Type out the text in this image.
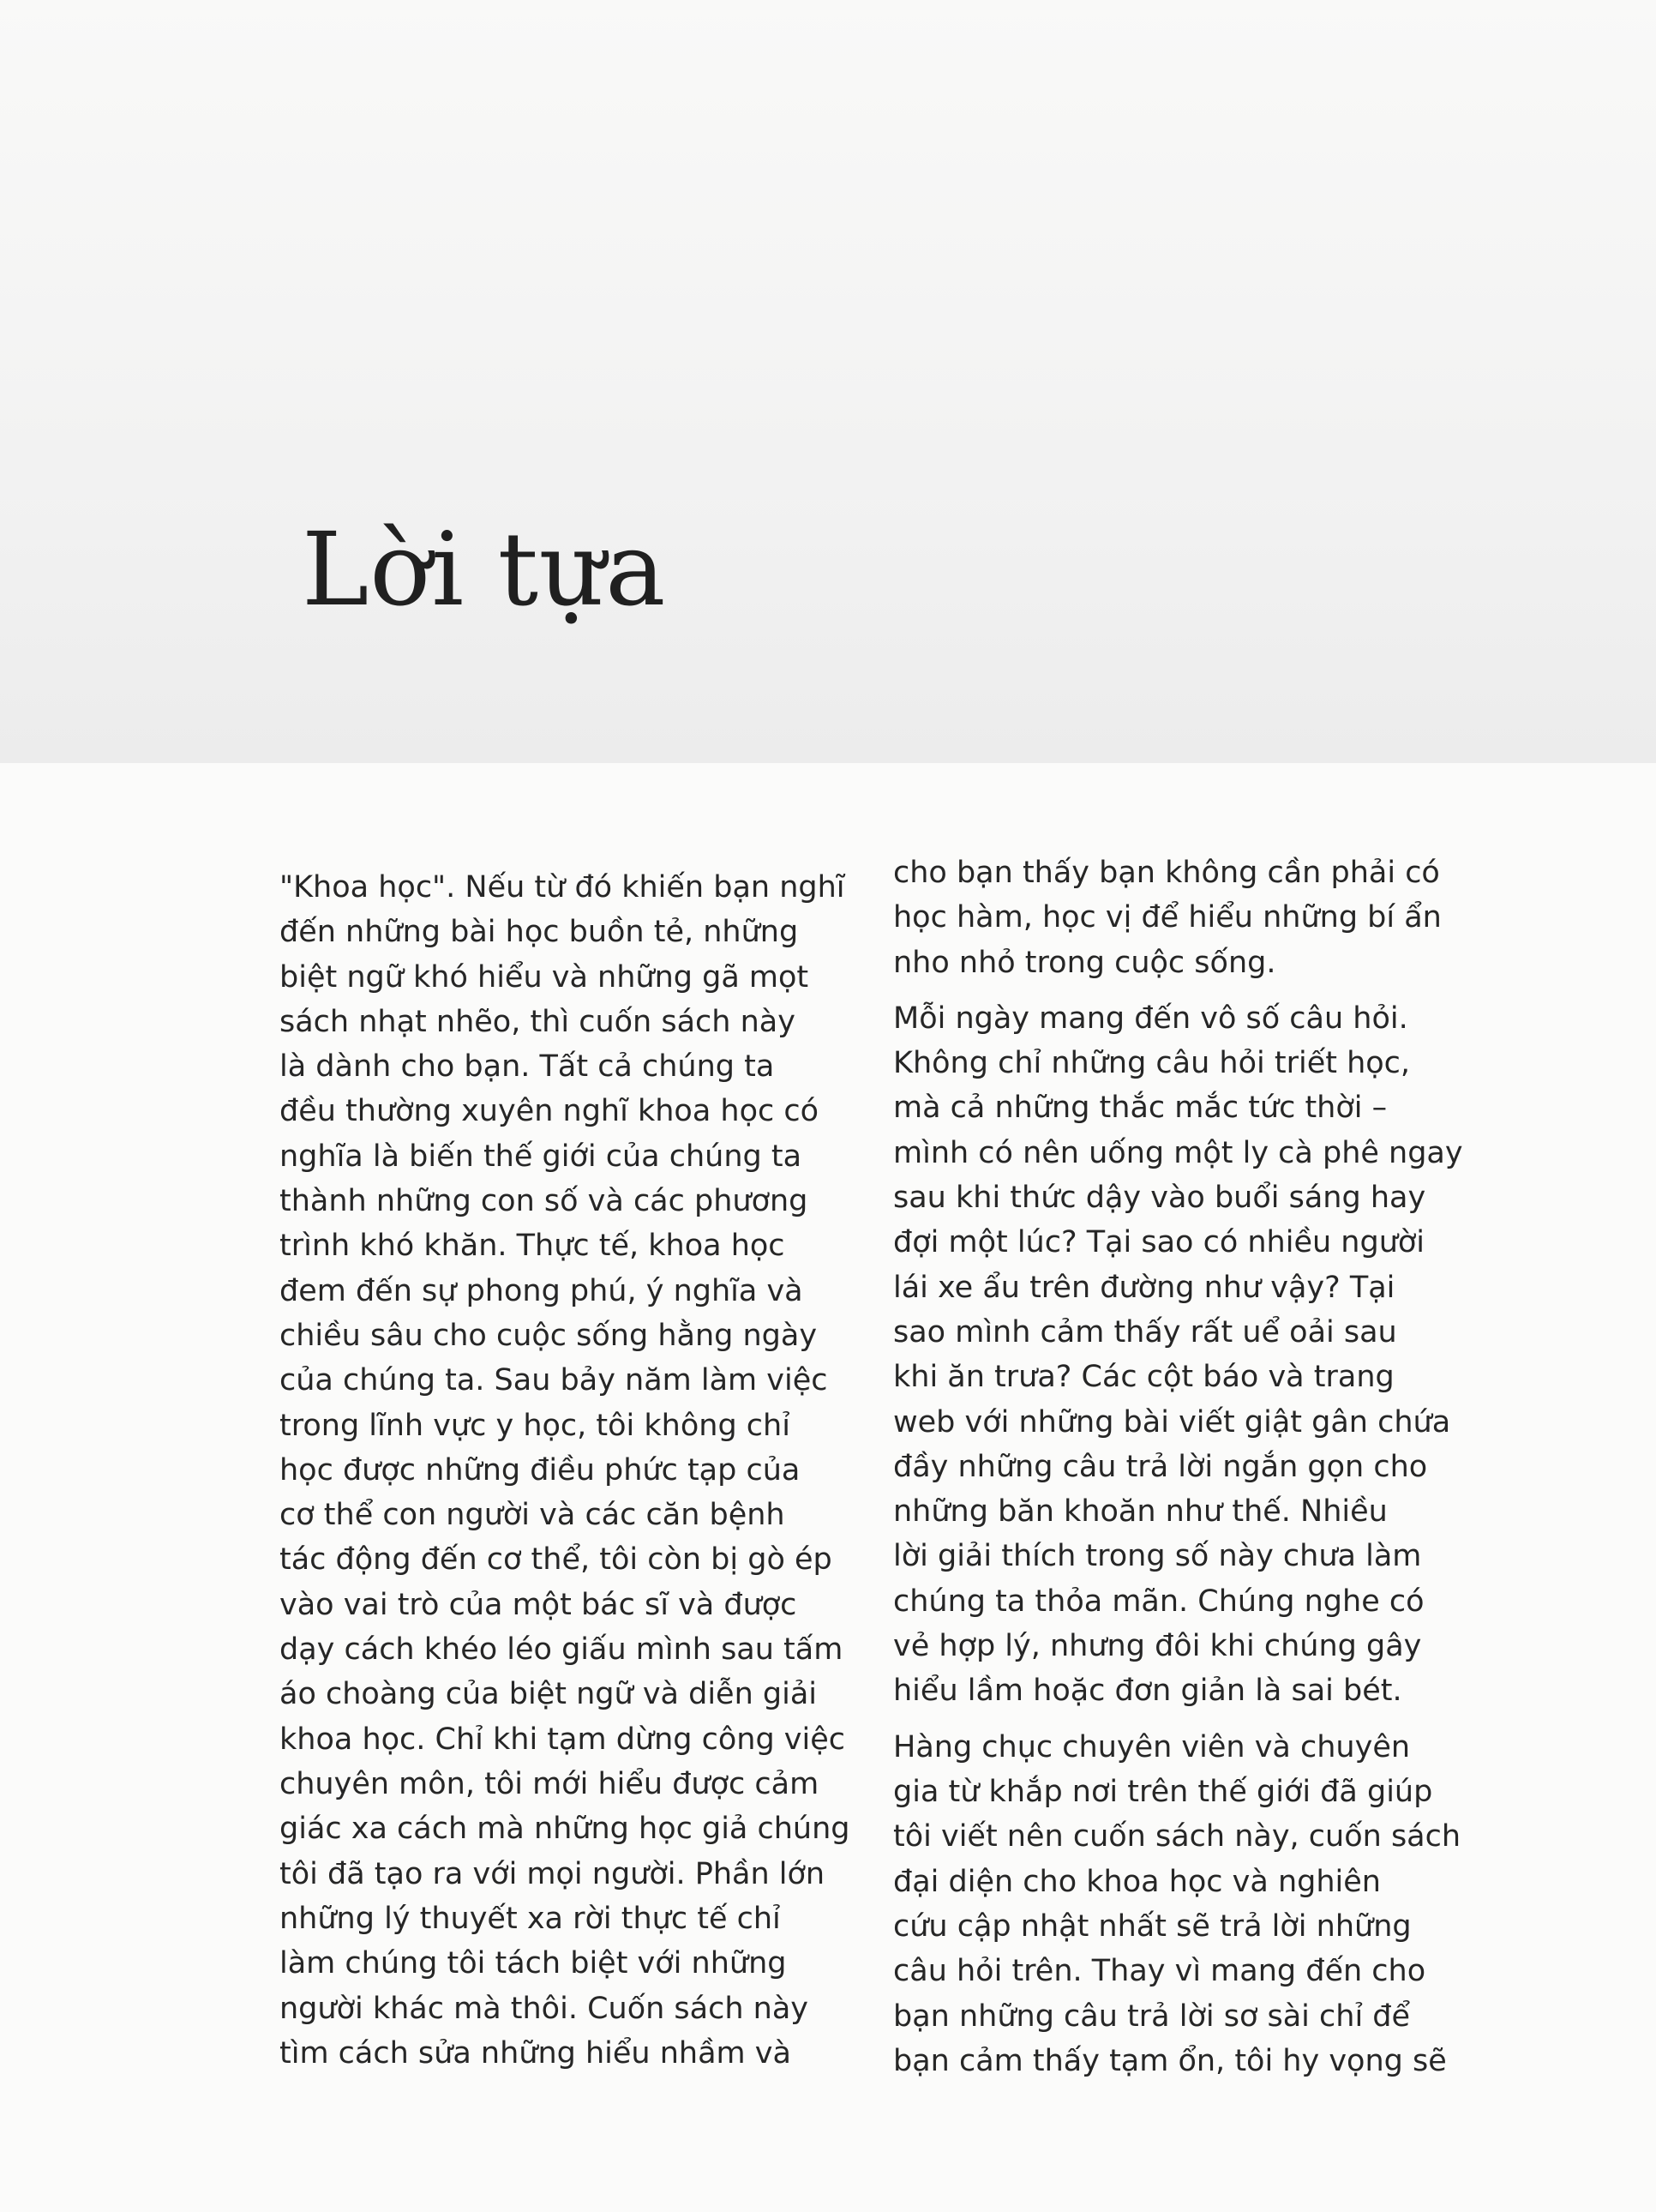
Lời tựa
"Khoa học". Nếu từ đó khiến bạn nghĩ
đến những bài học buồn tẻ, những
biệt ngữ khó hiểu và những gã mọt
sách nhạt nhẽo, thì cuốn sách này
là dành cho bạn. Tất cả chúng ta
đều thường xuyên nghĩ khoa học có
nghĩa là biến thế giới của chúng ta
thành những con số và các phương
trình khó khăn. Thực tế, khoa học
đem đến sự phong phú, ý nghĩa và
chiều sâu cho cuộc sống hằng ngày
của chúng ta. Sau bảy năm làm việc
trong lĩnh vực y học, tôi không chỉ
học được những điều phức tạp của
cơ thể con người và các căn bệnh
tác động đến cơ thể, tôi còn bị gò ép
vào vai trò của một bác sĩ và được
dạy cách khéo léo giấu mình sau tấm
áo choàng của biệt ngữ và diễn giải
khoa học. Chỉ khi tạm dừng công việc
chuyên môn, tôi mới hiểu được cảm
giác xa cách mà những học giả chúng
tôi đã tạo ra với mọi người. Phần lớn
những lý thuyết xa rời thực tế chỉ
làm chúng tôi tách biệt với những
người khác mà thôi. Cuốn sách này
tìm cách sửa những hiểu nhầm và
cho bạn thấy bạn không cần phải có
học hàm, học vị để hiểu những bí ẩn
nho nhỏ trong cuộc sống.
Mỗi ngày mang đến vô số câu hỏi.
Không chỉ những câu hỏi triết học,
mà cả những thắc mắc tức thời –
mình có nên uống một ly cà phê ngay
sau khi thức dậy vào buổi sáng hay
đợi một lúc? Tại sao có nhiều người
lái xe ẩu trên đường như vậy? Tại
sao mình cảm thấy rất uể oải sau
khi ăn trưa? Các cột báo và trang
web với những bài viết giật gân chứa
đầy những câu trả lời ngắn gọn cho
những băn khoăn như thế. Nhiều
lời giải thích trong số này chưa làm
chúng ta thỏa mãn. Chúng nghe có
vẻ hợp lý, nhưng đôi khi chúng gây
hiểu lầm hoặc đơn giản là sai bét.
Hàng chục chuyên viên và chuyên
gia từ khắp nơi trên thế giới đã giúp
tôi viết nên cuốn sách này, cuốn sách
đại diện cho khoa học và nghiên
cứu cập nhật nhất sẽ trả lời những
câu hỏi trên. Thay vì mang đến cho
bạn những câu trả lời sơ sài chỉ để
bạn cảm thấy tạm ổn, tôi hy vọng sẽ
